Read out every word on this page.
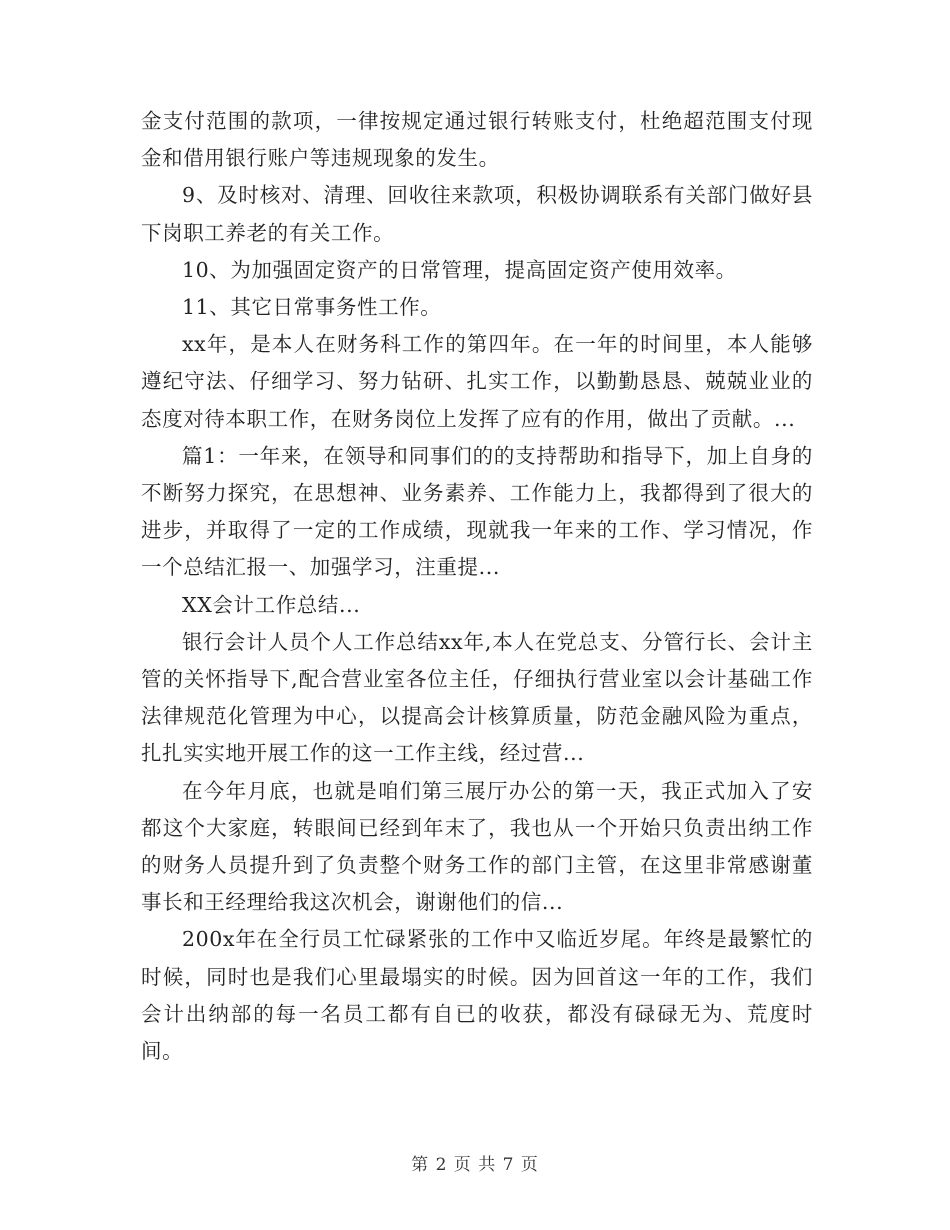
金支付范围的款项，一律按规定通过银行转账支付，杜绝超范围支付现金和借用银行账户等违规现象的发生。

9、及时核对、清理、回收往来款项，积极协调联系有关部门做好县下岗职工养老的有关工作。

10、为加强固定资产的日常管理，提高固定资产使用效率。

11、其它日常事务性工作。

xx年，是本人在财务科工作的第四年。在一年的时间里，本人能够遵纪守法、仔细学习、努力钻研、扎实工作，以勤勤恳恳、兢兢业业的态度对待本职工作，在财务岗位上发挥了应有的作用，做出了贡献。...

篇1：一年来，在领导和同事们的的支持帮助和指导下，加上自身的不断努力探究，在思想神、业务素养、工作能力上，我都得到了很大的进步，并取得了一定的工作成绩，现就我一年来的工作、学习情况，作一个总结汇报一、加强学习，注重提...

XX会计工作总结...

银行会计人员个人工作总结xx年,本人在党总支、分管行长、会计主管的关怀指导下,配合营业室各位主任，仔细执行营业室以会计基础工作法律规范化管理为中心，以提高会计核算质量，防范金融风险为重点，扎扎实实地开展工作的这一工作主线，经过营...

在今年月底，也就是咱们第三展厅办公的第一天，我正式加入了安都这个大家庭，转眼间已经到年末了，我也从一个开始只负责出纳工作的财务人员提升到了负责整个财务工作的部门主管，在这里非常感谢董事长和王经理给我这次机会，谢谢他们的信...

200x年在全行员工忙碌紧张的工作中又临近岁尾。年终是最繁忙的时候，同时也是我们心里最塌实的时候。因为回首这一年的工作，我们会计出纳部的每一名员工都有自已的收获，都没有碌碌无为、荒度时间。

第 2 页 共 7 页
